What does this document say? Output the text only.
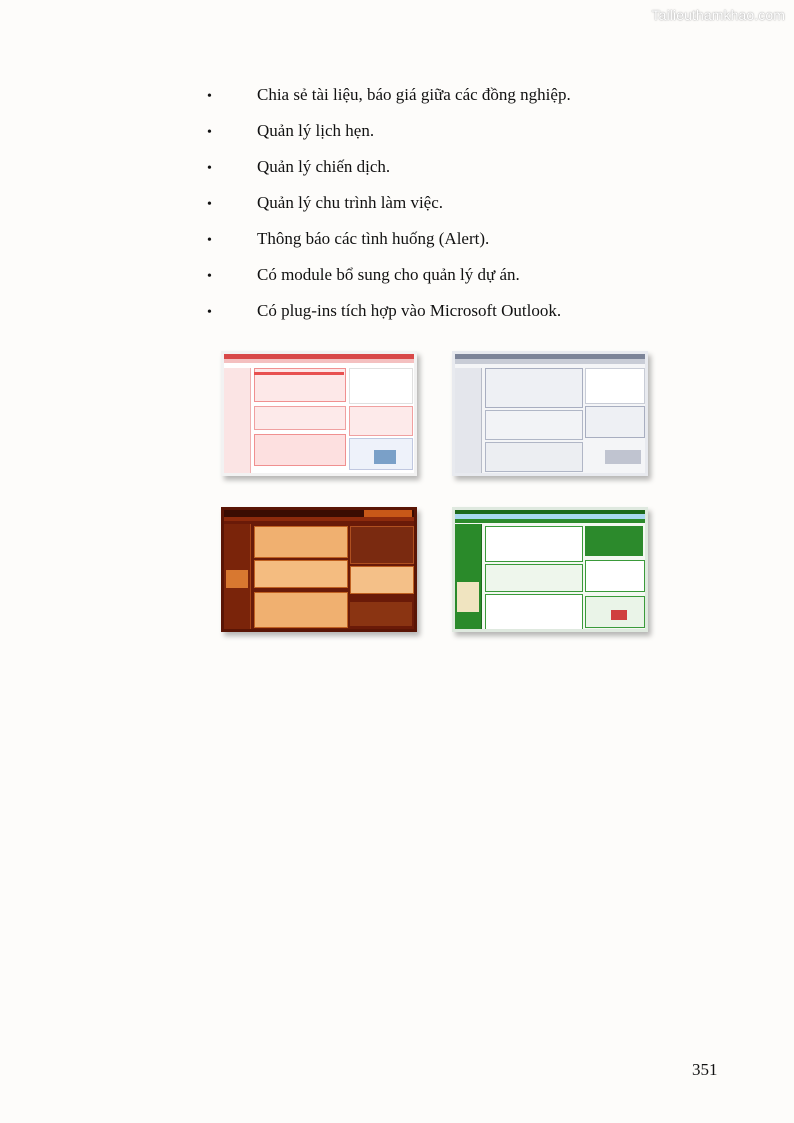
Tailieuthamkhao.com
•	Chia sẻ tài liệu, báo giá giữa các đồng nghiệp.
•	Quản lý lịch hẹn.
•	Quản lý chiến dịch.
•	Quản lý chu trình làm việc.
•	Thông báo các tình huống (Alert).
•	Có module bổ sung cho quản lý dự án.
•	Có plug-ins tích hợp vào Microsoft Outlook.
351
